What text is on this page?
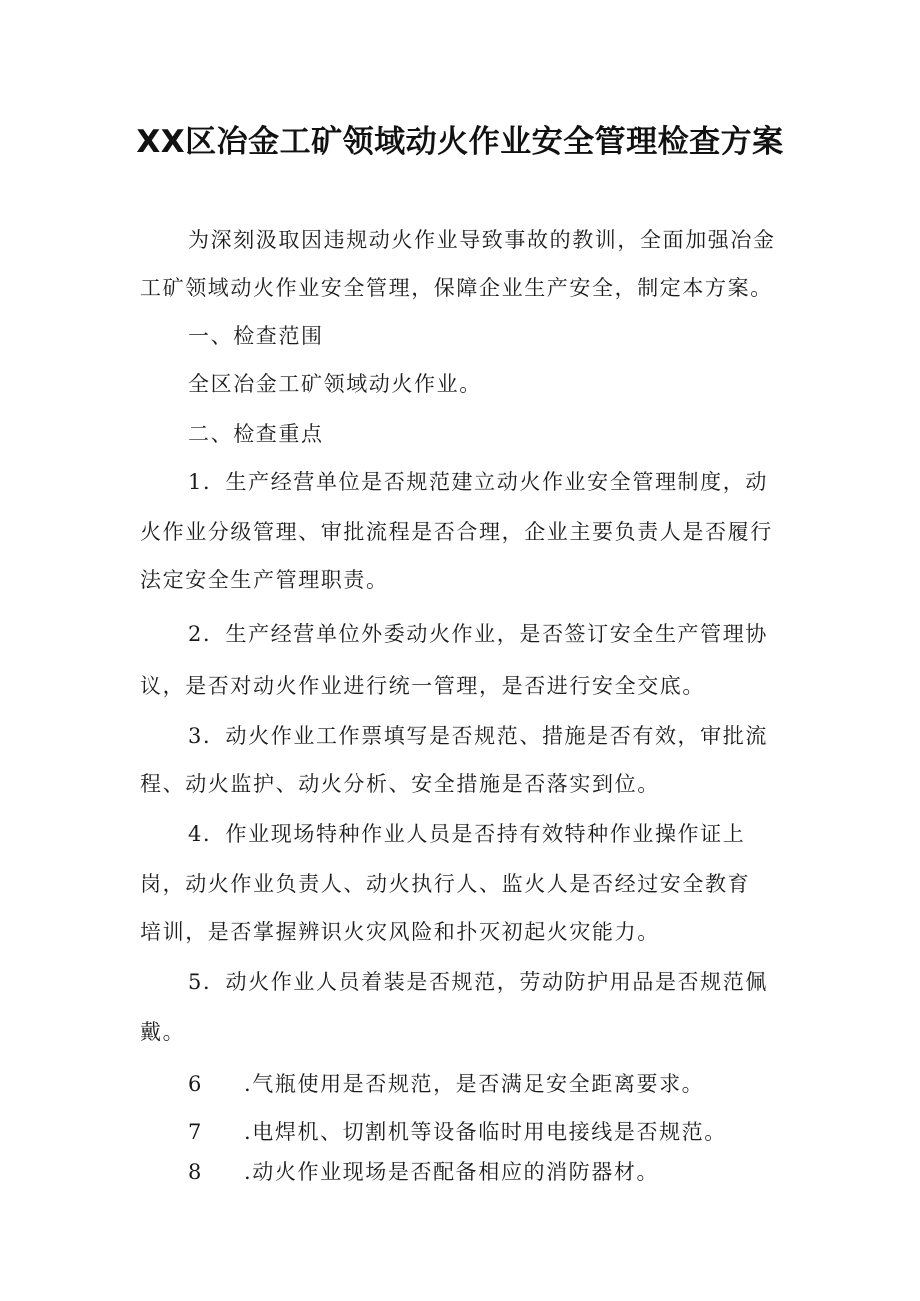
XX区冶金工矿领域动火作业安全管理检查方案
为深刻汲取因违规动火作业导致事故的教训，全面加强冶金
工矿领域动火作业安全管理，保障企业生产安全，制定本方案。
一、检查范围
全区冶金工矿领域动火作业。
二、检查重点
1．生产经营单位是否规范建立动火作业安全管理制度，动
火作业分级管理、审批流程是否合理，企业主要负责人是否履行
法定安全生产管理职责。
2．生产经营单位外委动火作业，是否签订安全生产管理协
议，是否对动火作业进行统一管理，是否进行安全交底。
3．动火作业工作票填写是否规范、措施是否有效，审批流
程、动火监护、动火分析、安全措施是否落实到位。
4．作业现场特种作业人员是否持有效特种作业操作证上
岗，动火作业负责人、动火执行人、监火人是否经过安全教育
培训，是否掌握辨识火灾风险和扑灭初起火灾能力。
5．动火作业人员着装是否规范，劳动防护用品是否规范佩
戴。
6 .气瓶使用是否规范，是否满足安全距离要求。
7 .电焊机、切割机等设备临时用电接线是否规范。
8 .动火作业现场是否配备相应的消防器材。
